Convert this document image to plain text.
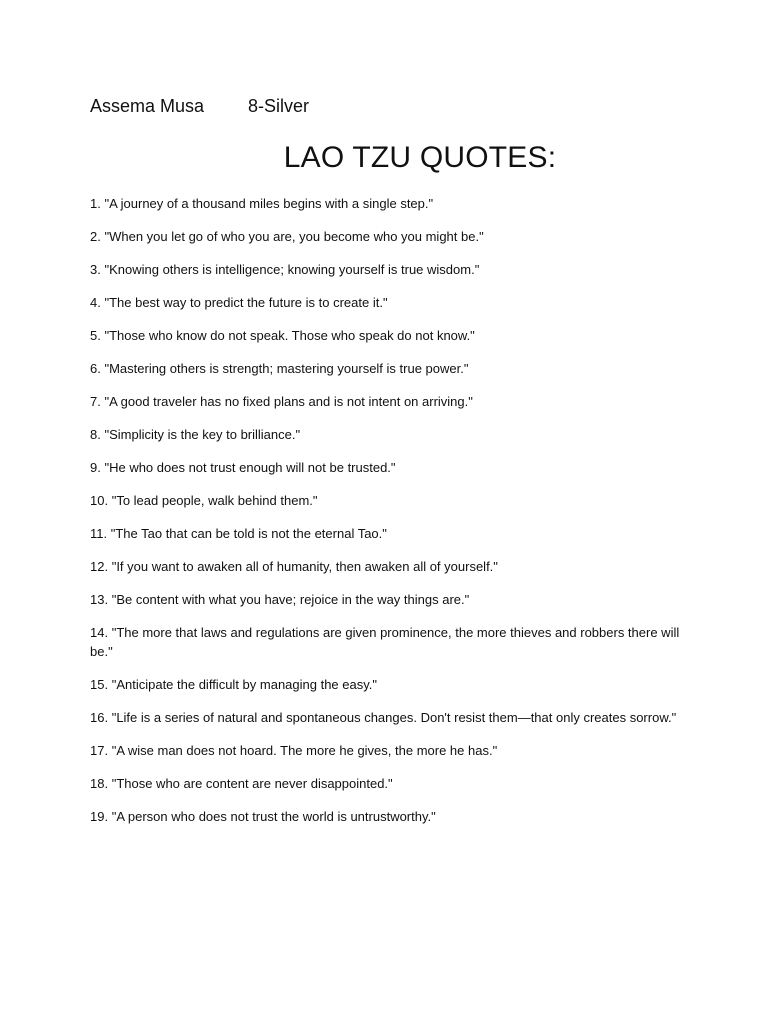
Assema Musa 8-Silver
LAO TZU QUOTES:
1. "A journey of a thousand miles begins with a single step."
2. "When you let go of who you are, you become who you might be."
3. "Knowing others is intelligence; knowing yourself is true wisdom."
4. "The best way to predict the future is to create it."
5. "Those who know do not speak. Those who speak do not know."
6. "Mastering others is strength; mastering yourself is true power."
7. "A good traveler has no fixed plans and is not intent on arriving."
8. "Simplicity is the key to brilliance."
9. "He who does not trust enough will not be trusted."
10. "To lead people, walk behind them."
11. "The Tao that can be told is not the eternal Tao."
12. "If you want to awaken all of humanity, then awaken all of yourself."
13. "Be content with what you have; rejoice in the way things are."
14. "The more that laws and regulations are given prominence, the more thieves and robbers there will be."
15. "Anticipate the difficult by managing the easy."
16. "Life is a series of natural and spontaneous changes. Don't resist them—that only creates sorrow."
17. "A wise man does not hoard. The more he gives, the more he has."
18. "Those who are content are never disappointed."
19. "A person who does not trust the world is untrustworthy."
